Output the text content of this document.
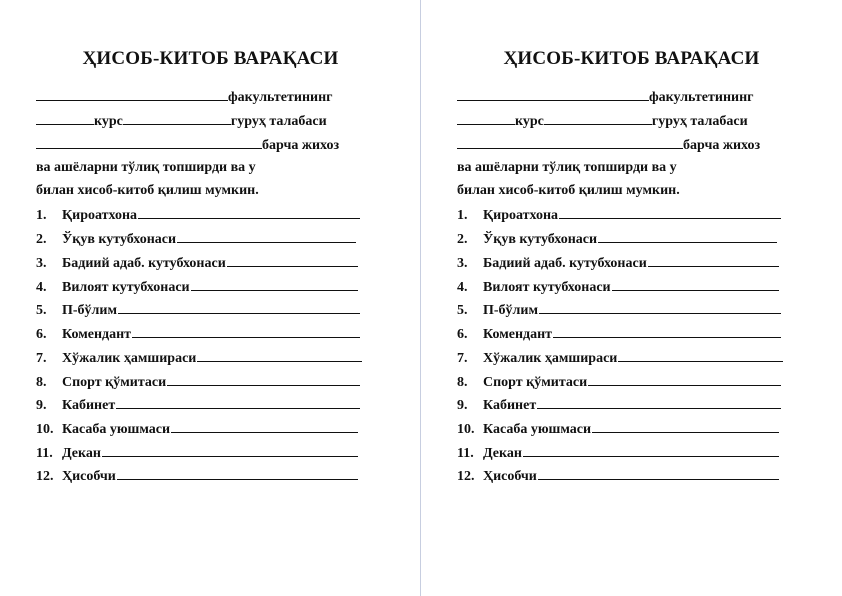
ҲИСОБ-КИТОБ ВАРАҚАСИ
факультетининг
курс	гуруҳ талабаси
барча жихоз
ва ашёларни тўлиқ топширди ва у
билан хисоб-китоб қилиш мумкин.
1.	Қироатхона
2.	Ўқув кутубхонаси
3.	Бадиий адаб. кутубхонаси
4.	Вилоят кутубхонаси
5.	П-бўлим
6.	Комендант
7.	Хўжалик ҳамшираси
8.	Спорт қўмитаси
9.	Кабинет
10. Касаба уюшмаси
11. Декан
12. Ҳисобчи
ҲИСОБ-КИТОБ ВАРАҚАСИ
факультетининг
курс	гуруҳ талабаси
барча жихоз
ва ашёларни тўлиқ топширди ва у
билан хисоб-китоб қилиш мумкин.
1.	Қироатхона
2.	Ўқув кутубхонаси
3.	Бадиий адаб. кутубхонаси
4.	Вилоят кутубхонаси
5.	П-бўлим
6.	Комендант
7.	Хўжалик ҳамшираси
8.	Спорт қўмитаси
9.	Кабинет
10. Касаба уюшмаси
11. Декан
12. Ҳисобчи
